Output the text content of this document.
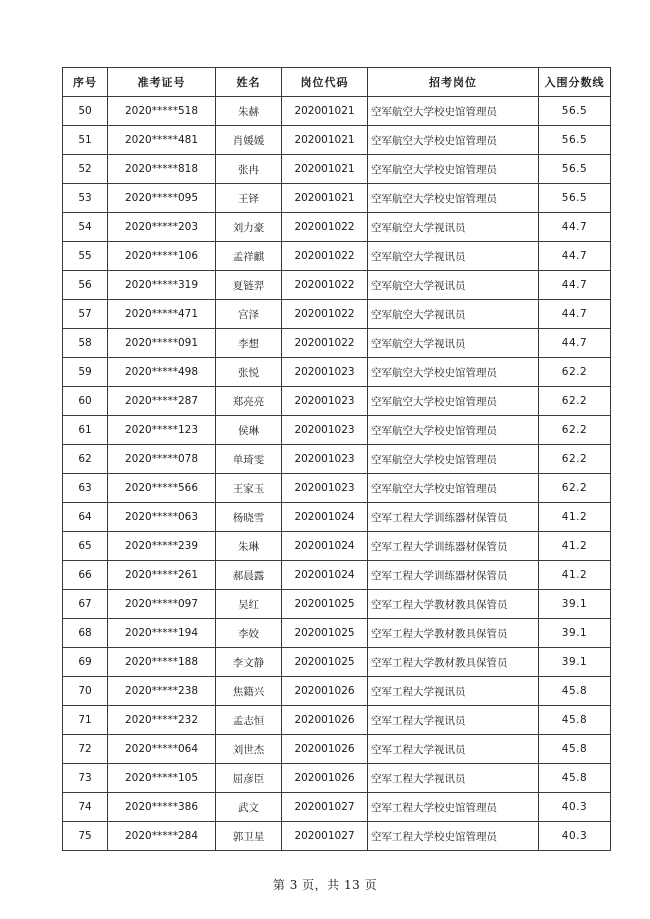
序号	准考证号	姓名	岗位代码	招考岗位	入围分数线
50	2020*****518	朱赫	202001021	空军航空大学校史馆管理员	56.5
51	2020*****481	肖媛媛	202001021	空军航空大学校史馆管理员	56.5
52	2020*****818	张冉	202001021	空军航空大学校史馆管理员	56.5
53	2020*****095	王铎	202001021	空军航空大学校史馆管理员	56.5
54	2020*****203	刘力豪	202001022	空军航空大学视讯员	44.7
55	2020*****106	孟祥麒	202001022	空军航空大学视讯员	44.7
56	2020*****319	夏链羿	202001022	空军航空大学视讯员	44.7
57	2020*****471	宫泽	202001022	空军航空大学视讯员	44.7
58	2020*****091	李想	202001022	空军航空大学视讯员	44.7
59	2020*****498	张悦	202001023	空军航空大学校史馆管理员	62.2
60	2020*****287	郑亮亮	202001023	空军航空大学校史馆管理员	62.2
61	2020*****123	侯琳	202001023	空军航空大学校史馆管理员	62.2
62	2020*****078	单琦雯	202001023	空军航空大学校史馆管理员	62.2
63	2020*****566	王家玉	202001023	空军航空大学校史馆管理员	62.2
64	2020*****063	杨晓雪	202001024	空军工程大学训练器材保管员	41.2
65	2020*****239	朱琳	202001024	空军工程大学训练器材保管员	41.2
66	2020*****261	郝晨露	202001024	空军工程大学训练器材保管员	41.2
67	2020*****097	吴红	202001025	空军工程大学教材教具保管员	39.1
68	2020*****194	李姣	202001025	空军工程大学教材教具保管员	39.1
69	2020*****188	李文静	202001025	空军工程大学教材教具保管员	39.1
70	2020*****238	焦籍兴	202001026	空军工程大学视讯员	45.8
71	2020*****232	孟志恒	202001026	空军工程大学视讯员	45.8
72	2020*****064	刘世杰	202001026	空军工程大学视讯员	45.8
73	2020*****105	屈彦臣	202001026	空军工程大学视讯员	45.8
74	2020*****386	武文	202001027	空军工程大学校史馆管理员	40.3
75	2020*****284	郭卫星	202001027	空军工程大学校史馆管理员	40.3
第 3 页，共 13 页
